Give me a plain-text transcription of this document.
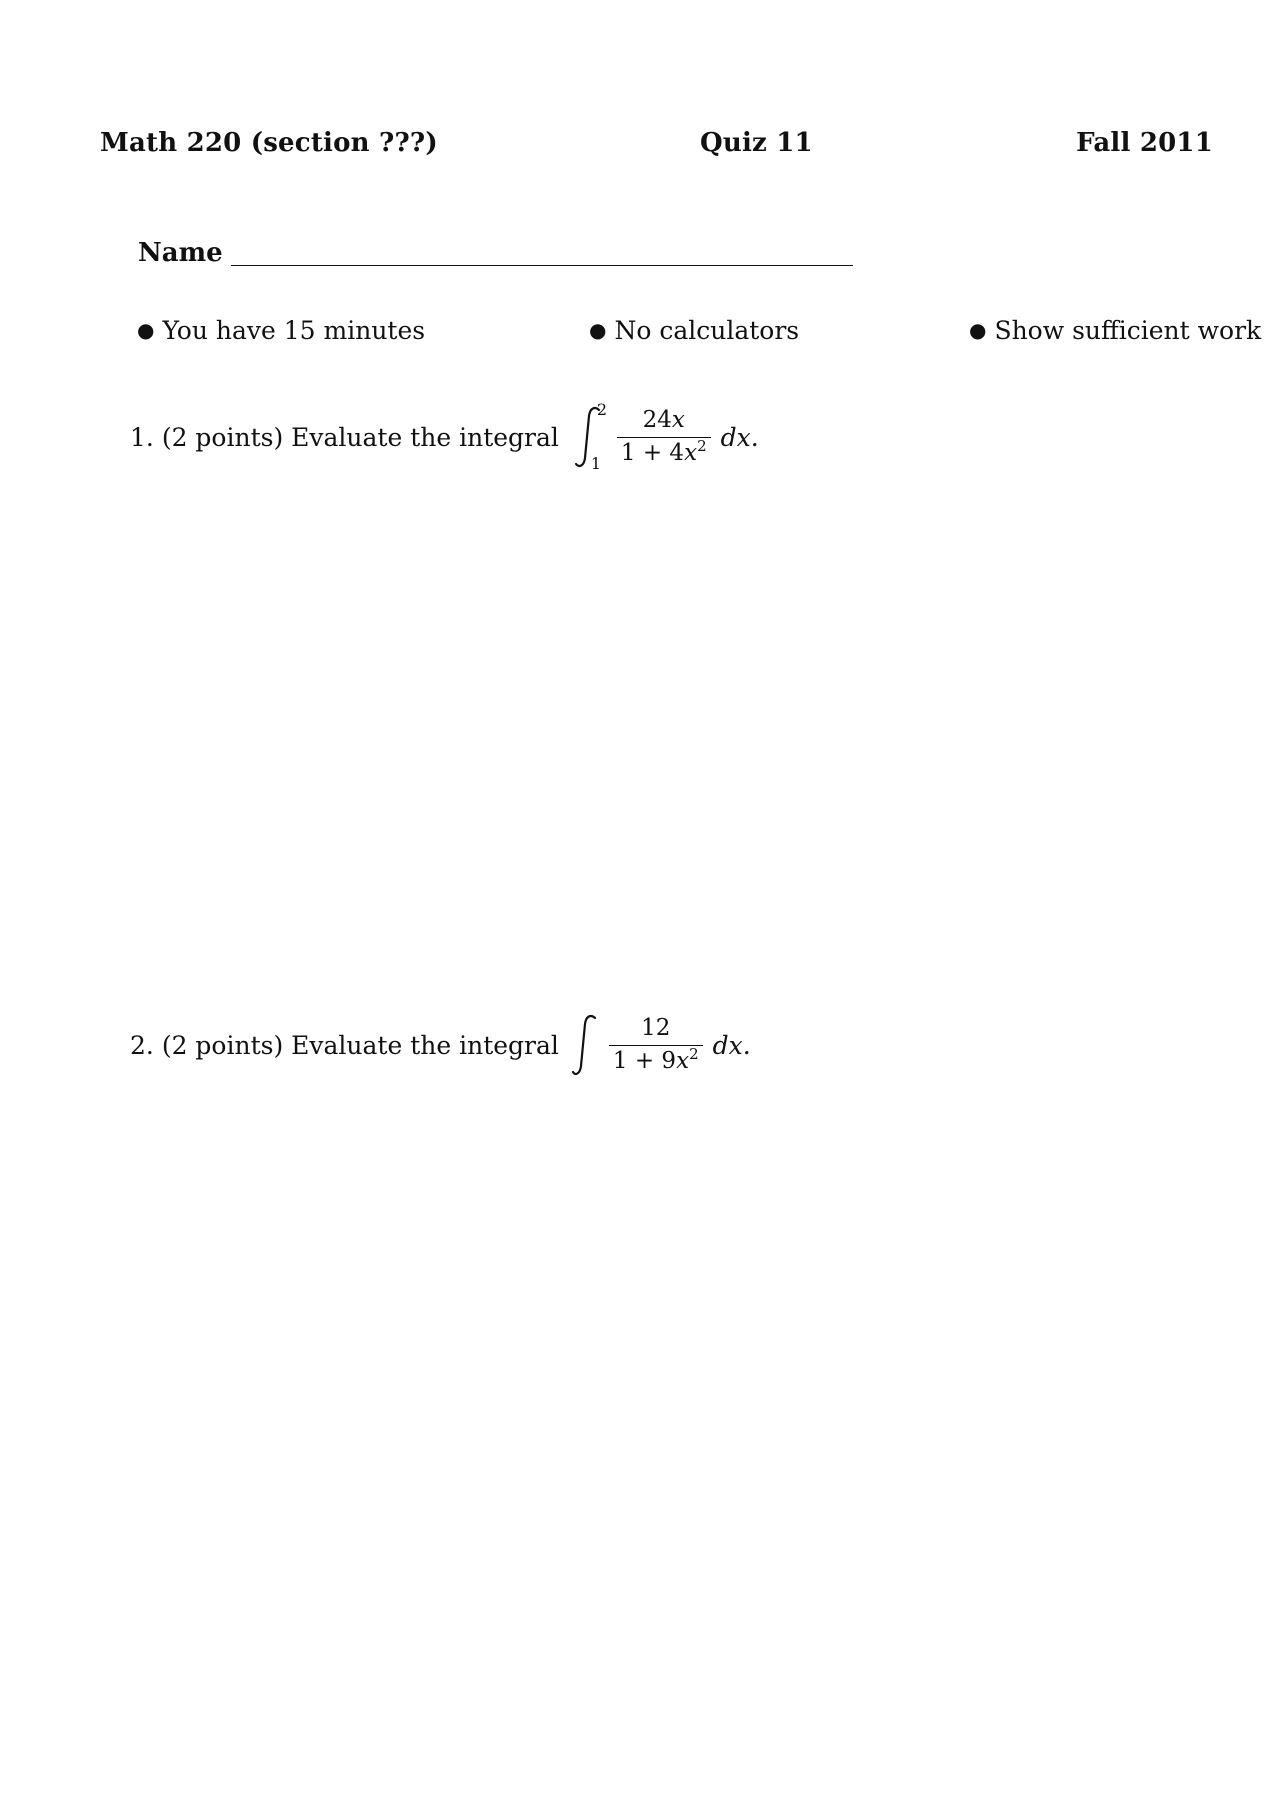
Math 220 (section ???)	Quiz 11	Fall 2011
Name
● You have 15 minutes	● No calculators	● Show sufficient work
1. (2 points) Evaluate the integral
2
$1 \frac{24x}{1 + 4x^2}$ dx.
2. (2 points) Evaluate the integral $\frac{12}{1 + 9x^2}$ dx.
